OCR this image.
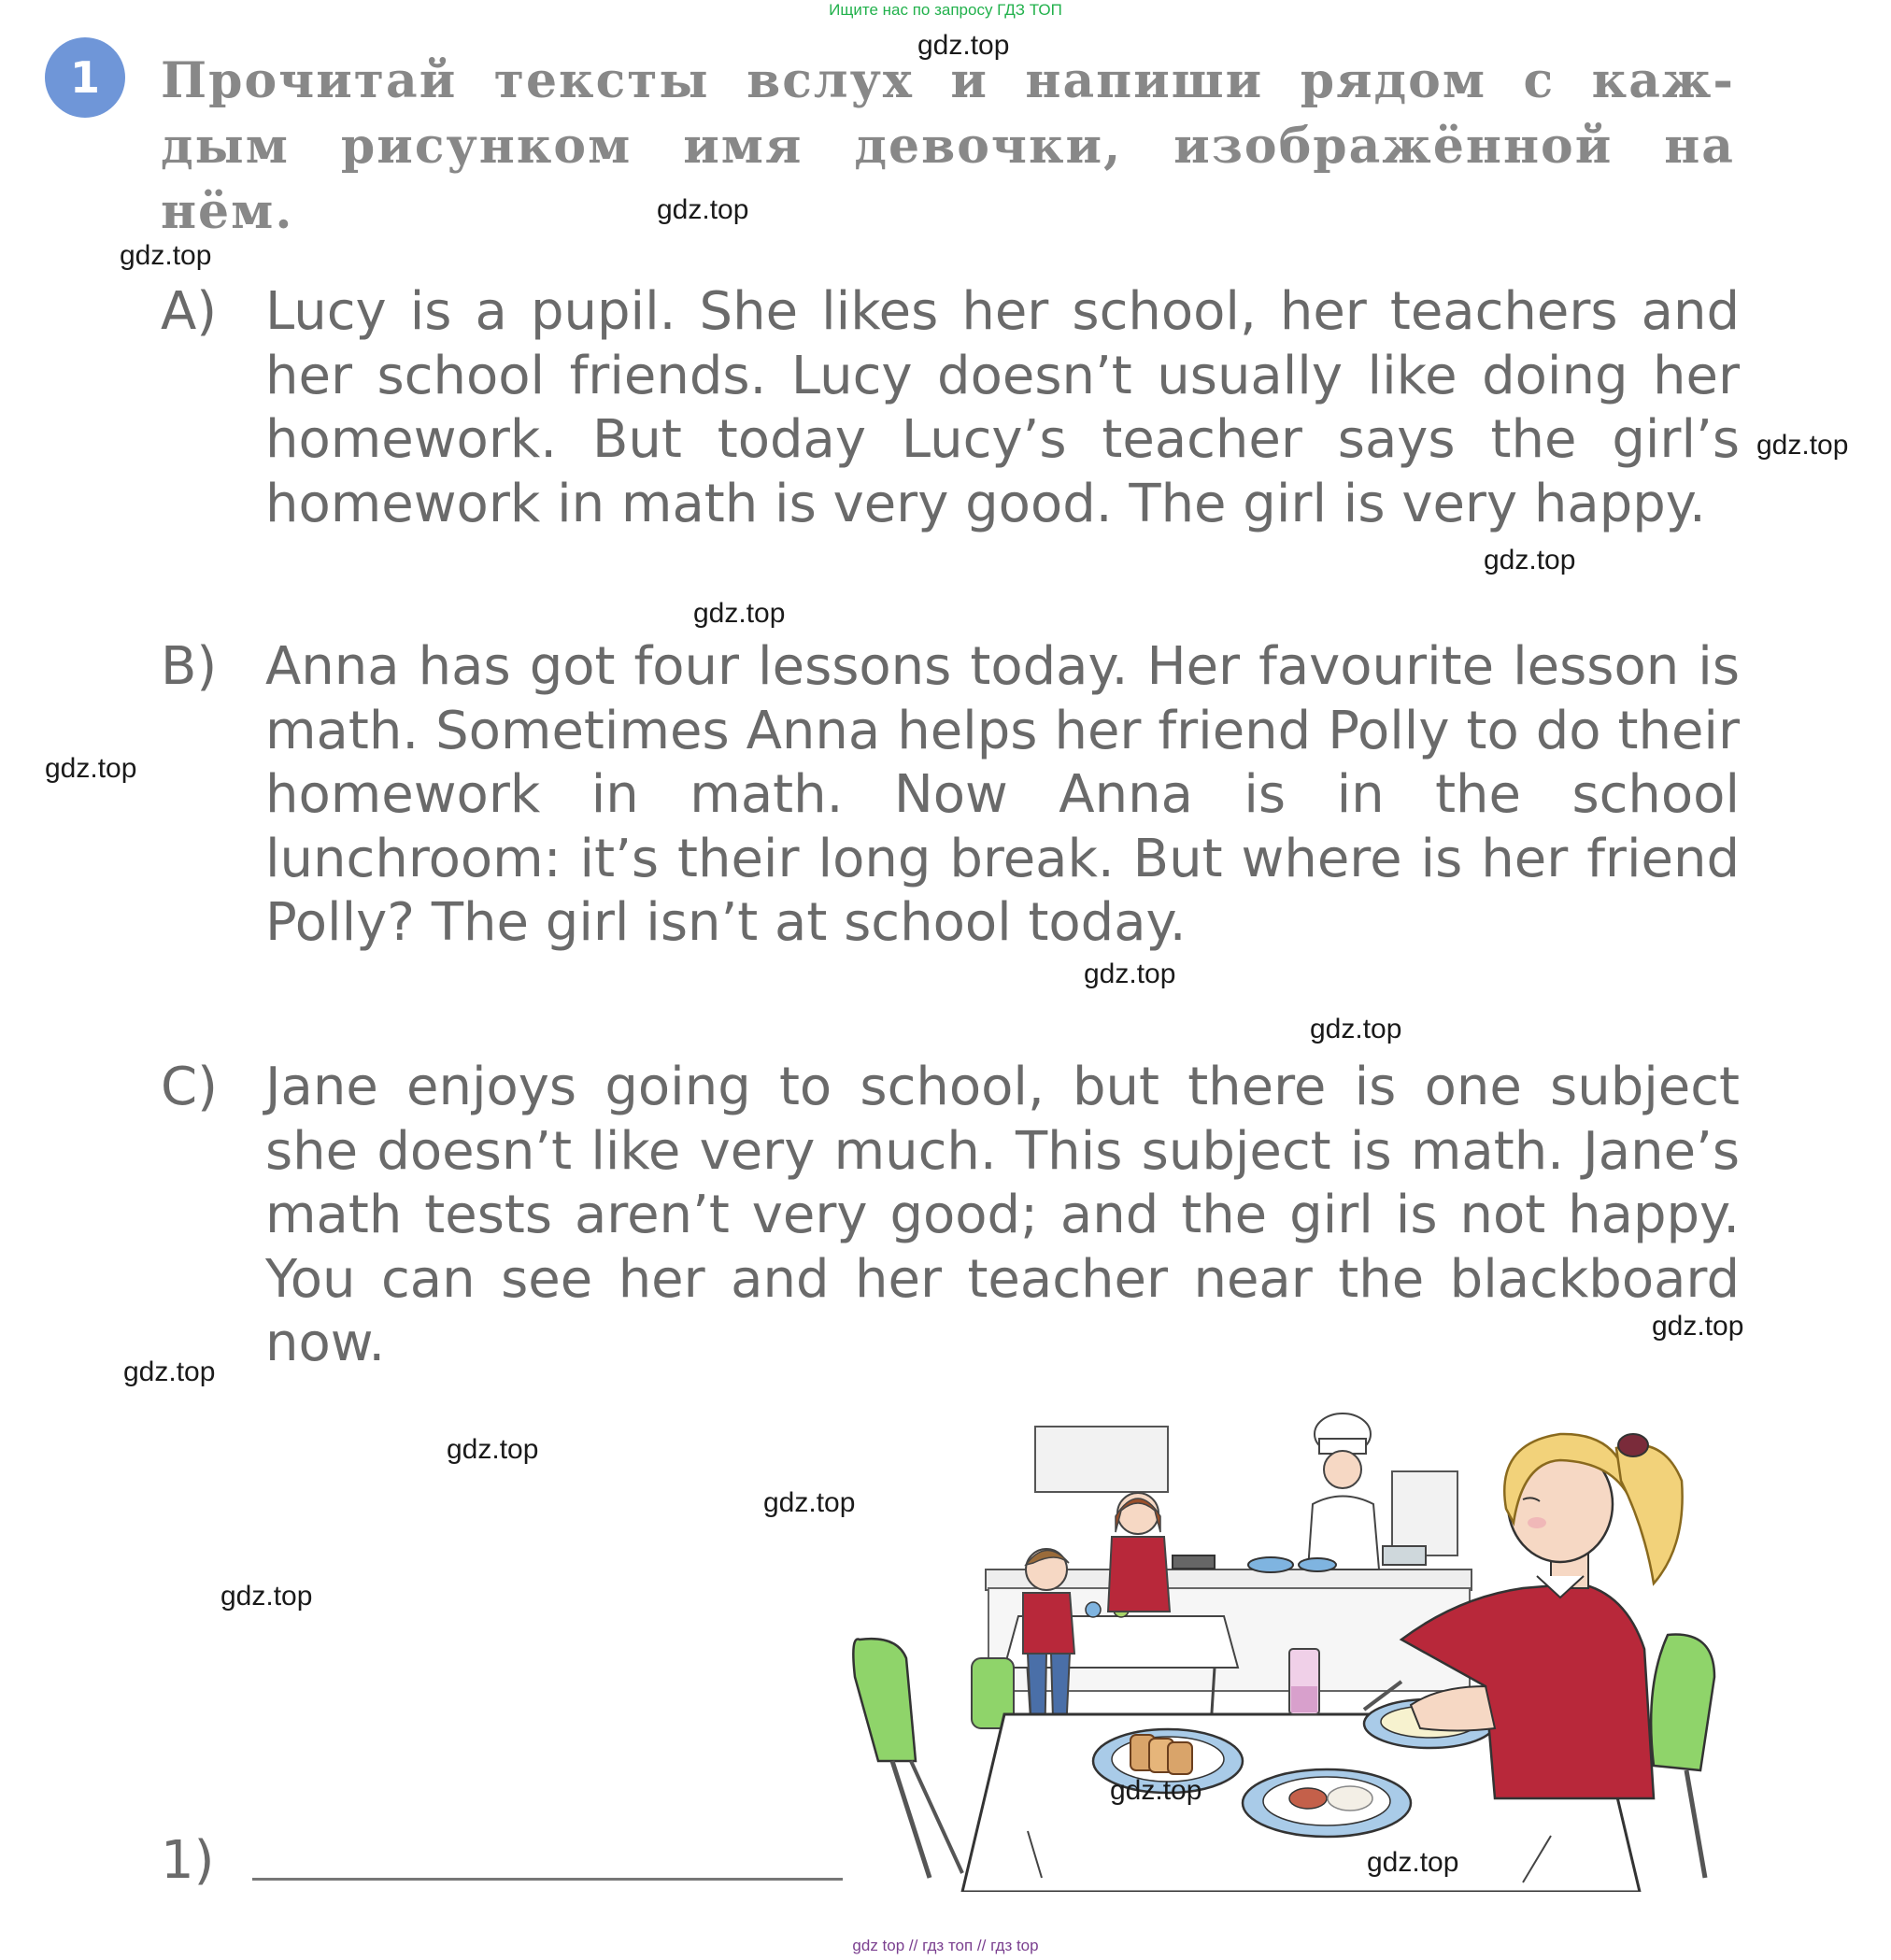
Ищите нас по запросу ГДЗ ТОП
1	Прочитай тексты вслух и напиши рядом с каж-
дым рисунком имя девочки, изображённой на
нём.
A) Lucy is a pupil. She likes her school, her teachers and her school friends. Lucy doesn’t usually like doing her homework. But today Lucy’s teacher says the girl’s homework in math is very good. The girl is very happy.
B) Anna has got four lessons today. Her favourite lesson is math. Sometimes Anna helps her friend Polly to do their homework in math. Now Anna is in the school lunchroom: it’s their long break. But where is her friend Polly? The girl isn’t at school today.
C) Jane enjoys going to school, but there is one subject she doesn’t like very much. This subject is math. Jane’s math tests aren’t very good; and the girl is not happy. You can see her and her teacher near the blackboard now.
gdz.top
gdz.top
gdz.top
gdz.top
gdz.top
gdz.top
gdz.top
gdz.top
gdz.top
gdz.top
gdz.top
gdz.top
gdz.top
gdz.top
gdz.top
gdz.top
1)
gdz top // гдз топ // гдз top
